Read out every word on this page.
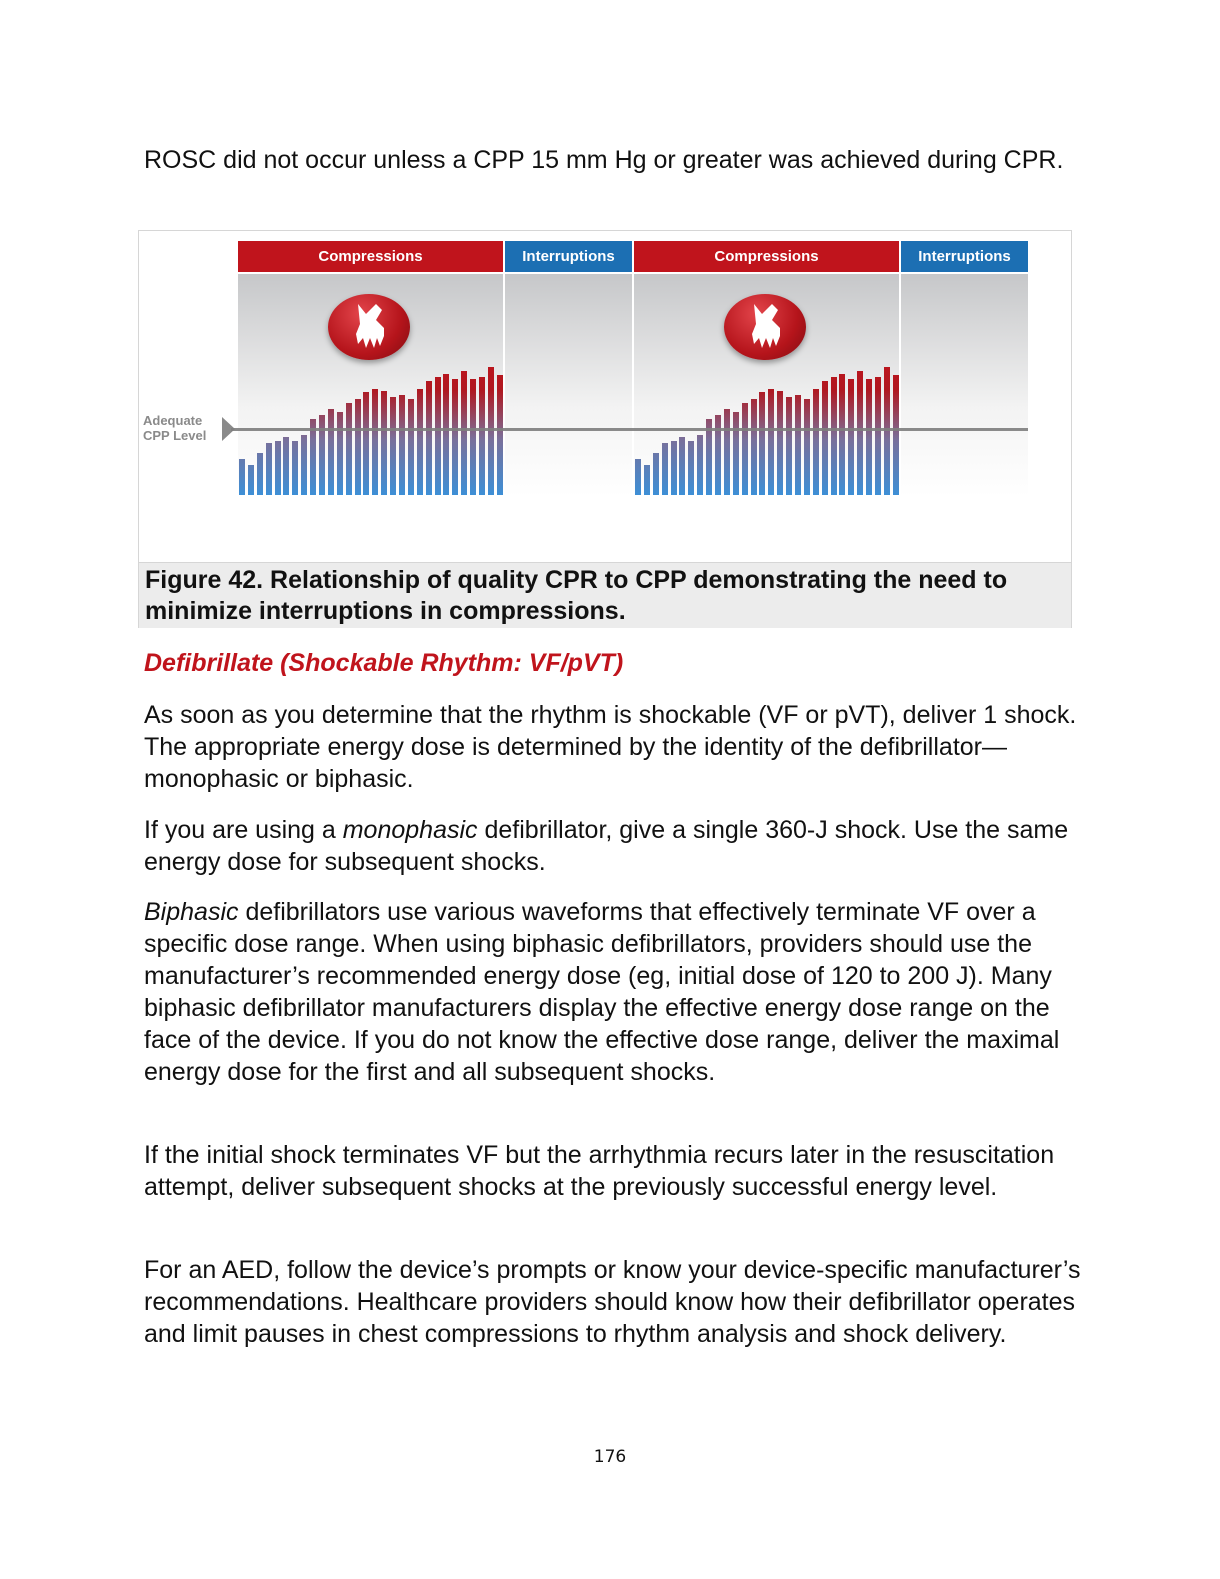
ROSC did not occur unless a CPP 15 mm Hg or greater was achieved during CPR.

Adequate
CPP Level
Compressions	Interruptions	Compressions	Interruptions
Figure 42. Relationship of quality CPR to CPP demonstrating the need to minimize interruptions in compressions.
Defibrillate (Shockable Rhythm: VF/pVT)

As soon as you determine that the rhythm is shockable (VF or pVT), deliver 1 shock. The appropriate energy dose is determined by the identity of the defibrillator—monophasic or biphasic.

If you are using a monophasic defibrillator, give a single 360-J shock. Use the same energy dose for subsequent shocks.

Biphasic defibrillators use various waveforms that effectively terminate VF over a specific dose range. When using biphasic defibrillators, providers should use the manufacturer’s recommended energy dose (eg, initial dose of 120 to 200 J). Many biphasic defibrillator manufacturers display the effective energy dose range on the face of the device. If you do not know the effective dose range, deliver the maximal energy dose for the first and all subsequent shocks.

If the initial shock terminates VF but the arrhythmia recurs later in the resuscitation attempt, deliver subsequent shocks at the previously successful energy level.

For an AED, follow the device’s prompts or know your device-specific manufacturer’s recommendations. Healthcare providers should know how their defibrillator operates and limit pauses in chest compressions to rhythm analysis and shock delivery.

176
